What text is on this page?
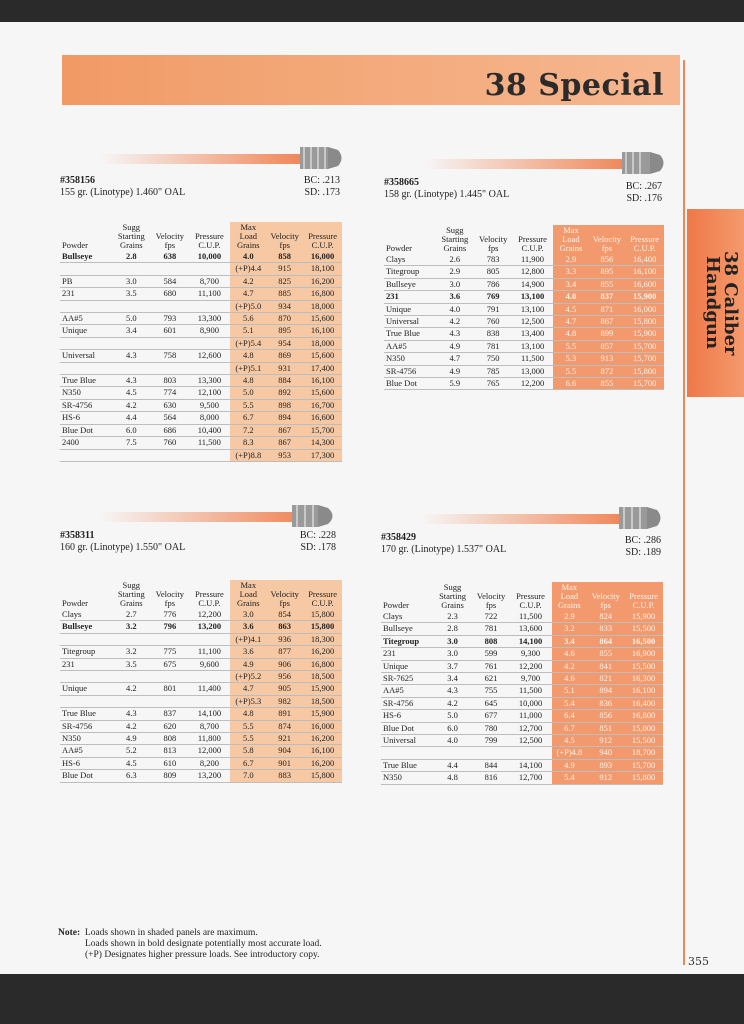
38 Special
38 Caliber Handgun
355
#358156
155 gr. (Linotype) 1.460" OAL
BC: .213
SD: .173
Powder	Sugg Starting Grains	Velocity fps	Pressure C.U.P.	Max Load Grains	Velocity fps	Pressure C.U.P.
Bullseye	2.8	638	10,000	4.0	858	16,000
				(+P)4.4	915	18,100
PB	3.0	584	8,700	4.2	825	16,200
231	3.5	680	11,100	4.7	885	16,800
				(+P)5.0	934	18,000
AA#5	5.0	793	13,300	5.6	870	15,600
Unique	3.4	601	8,900	5.1	895	16,100
				(+P)5.4	954	18,000
Universal	4.3	758	12,600	4.8	869	15,600
				(+P)5.1	931	17,400
True Blue	4.3	803	13,300	4.8	884	16,100
N350	4.5	774	12,100	5.0	892	15,600
SR-4756	4.2	630	9,500	5.5	898	16,700
HS-6	4.4	564	8,000	6.7	894	16,600
Blue Dot	6.0	686	10,400	7.2	867	15,700
2400	7.5	760	11,500	8.3	867	14,300
				(+P)8.8	953	17,300
#358665
158 gr. (Linotype) 1.445" OAL
BC: .267
SD: .176
Powder	Sugg Starting Grains	Velocity fps	Pressure C.U.P.	Max Load Grains	Velocity fps	Pressure C.U.P.
Clays	2.6	783	11,900	2.9	856	16,400
Titegroup	2.9	805	12,800	3.3	895	16,100
Bullseye	3.0	786	14,900	3.4	855	16,600
231	3.6	769	13,100	4.0	837	15,900
Unique	4.0	791	13,100	4.5	871	16,000
Universal	4.2	760	12,500	4.7	867	15,800
True Blue	4.3	838	13,400	4.8	899	15,900
AA#5	4.9	781	13,100	5.5	857	15,700
N350	4.7	750	11,500	5.3	913	15,700
SR-4756	4.9	785	13,000	5.5	872	15,800
Blue Dot	5.9	765	12,200	6.6	855	15,700
#358311
160 gr. (Linotype) 1.550" OAL
BC: .228
SD: .178
Powder	Sugg Starting Grains	Velocity fps	Pressure C.U.P.	Max Load Grains	Velocity fps	Pressure C.U.P.
Clays	2.7	776	12,200	3.0	854	15,800
Bullseye	3.2	796	13,200	3.6	863	15,800
				(+P)4.1	936	18,300
Titegroup	3.2	775	11,100	3.6	877	16,200
231	3.5	675	9,600	4.9	906	16,800
				(+P)5.2	956	18,500
Unique	4.2	801	11,400	4.7	905	15,900
				(+P)5.3	982	18,500
True Blue	4.3	837	14,100	4.8	891	15,900
SR-4756	4.2	620	8,700	5.5	874	16,000
N350	4.9	808	11,800	5.5	921	16,200
AA#5	5.2	813	12,000	5.8	904	16,100
HS-6	4.5	610	8,200	6.7	901	16,200
Blue Dot	6.3	809	13,200	7.0	883	15,800
#358429
170 gr. (Linotype) 1.537" OAL
BC: .286
SD: .189
Powder	Sugg Starting Grains	Velocity fps	Pressure C.U.P.	Max Load Grains	Velocity fps	Pressure C.U.P.
Clays	2.3	722	11,500	2.9	824	15,900
Bullseye	2.8	781	13,600	3.2	833	15,500
Titegroup	3.0	808	14,100	3.4	864	16,500
231	3.0	599	9,300	4.6	855	16,900
Unique	3.7	761	12,200	4.2	841	15,500
SR-7625	3.4	621	9,700	4.6	821	16,300
AA#5	4.3	755	11,500	5.1	894	16,100
SR-4756	4.2	645	10,000	5.4	836	16,400
HS-6	5.0	677	11,000	6.4	856	16,800
Blue Dot	6.0	780	12,700	6.7	851	15,000
Universal	4.0	799	12,500	4.5	912	15,500
				(+P)4.8	940	18,700
True Blue	4.4	844	14,100	4.9	893	15,700
N350	4.8	816	12,700	5.4	912	15,800
Note: Loads shown in shaded panels are maximum.
Loads shown in bold designate potentially most accurate load.
(+P) Designates higher pressure loads. See introductory copy.
